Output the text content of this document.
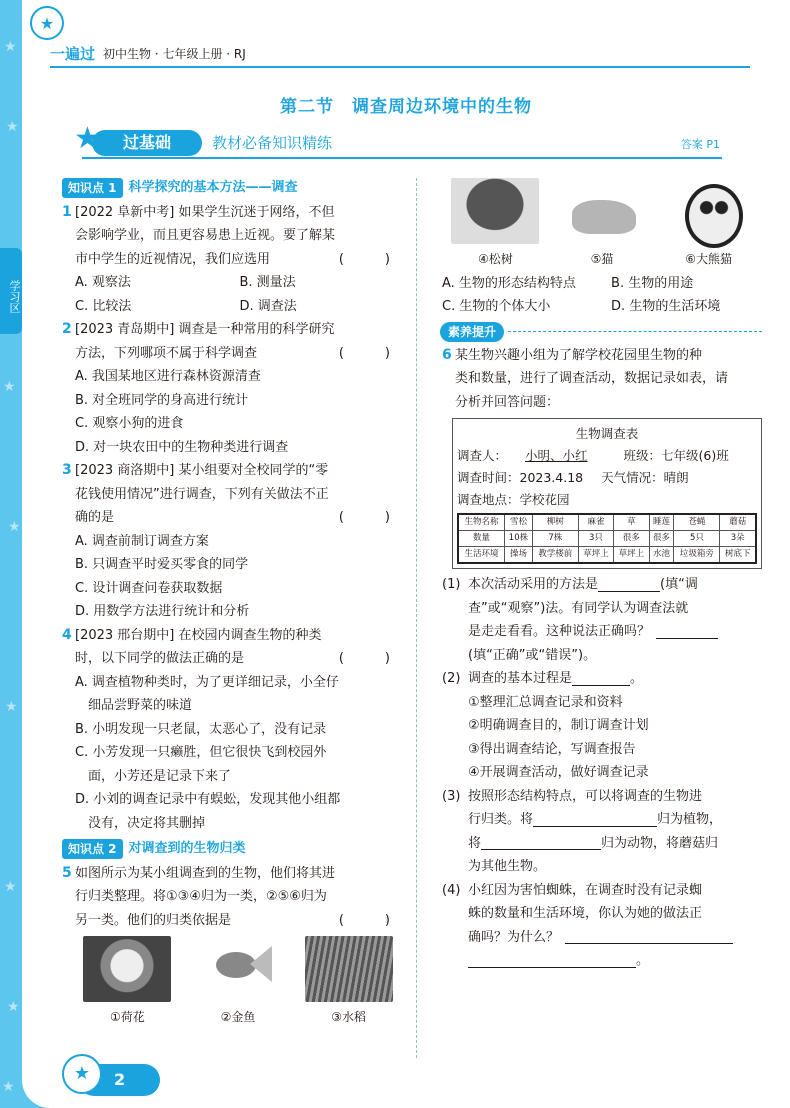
★
★
★
★
★
★
★
★
★
一遍过 初中生物 · 七年级上册 · RJ
第二节　调查周边环境中的生物
过基础
★	教材必备知识精练	答案 P1
知识点 1 科学探究的基本方法——调查
1 [2022 阜新中考] 如果学生沉迷于网络，不但
会影响学业，而且更容易患上近视。要了解某
市中学生的近视情况，我们应选用	(　)
A. 观察法	B. 测量法
C. 比较法	D. 调查法
2 [2023 青岛期中] 调查是一种常用的科学研究
方法，下列哪项不属于科学调查	(　)
A. 我国某地区进行森林资源清查
B. 对全班同学的身高进行统计
C. 观察小狗的进食
D. 对一块农田中的生物种类进行调查
3 [2023 商洛期中] 某小组要对全校同学的“零
花钱使用情况”进行调查，下列有关做法不正
确的是	(　)
A. 调查前制订调查方案
B. 只调查平时爱买零食的同学
C. 设计调查问卷获取数据
D. 用数学方法进行统计和分析
4 [2023 邢台期中] 在校园内调查生物的种类
时，以下同学的做法正确的是	(　)
A. 调查植物种类时，为了更详细记录，小全仔
细品尝野菜的味道
B. 小明发现一只老鼠，太恶心了，没有记录
C. 小芳发现一只癞胜，但它很快飞到校园外
面，小芳还是记录下来了
D. 小刘的调查记录中有蜈蚣，发现其他小组都
没有，决定将其删掉
知识点 2 对调查到的生物归类
5 如图所示为某小组调查到的生物，他们将其进
行归类整理。将①③④归为一类，②⑤⑥归为
另一类。他们的归类依据是	(　)
①荷花	②金鱼	③水稻
④松树	⑤猫	⑥大熊猫
A. 生物的形态结构特点	B. 生物的用途
C. 生物的个体大小	D. 生物的生活环境
素养提升
6 某生物兴趣小组为了解学校花园里生物的种
类和数量，进行了调查活动，数据记录如表，请
分析并回答问题：
生物调查表
调查人： 小明、小红	班级：七年级(6)班
调查时间：2023.4.18 天气情况：晴朗
调查地点：学校花园
生物名称	雪松	柳树	麻雀	草	睡莲	苍蝇	蘑菇
数量	10株	7株	3只	很多	很多	5只	3朵
生活环境	操场	教学楼前	草坪上	草坪上	水池	垃圾箱旁	树底下
(1) 本次活动采用的方法是	(填“调
查”或“观察”)法。有同学认为调查法就
是走走看看。这种说法正确吗？
(填“正确”或“错误”)。
(2) 调查的基本过程是	。
①整理汇总调查记录和资料
②明确调查目的，制订调查计划
③得出调查结论，写调查报告
④开展调查活动，做好调查记录
(3) 按照形态结构特点，可以将调查的生物进
行归类。将	归为植物，
将	归为动物，将蘑菇归
为其他生物。
(4) 小红因为害怕蜘蛛，在调查时没有记录蜘
蛛的数量和生活环境，你认为她的做法正
确吗？为什么？
。
2
★
学习区
